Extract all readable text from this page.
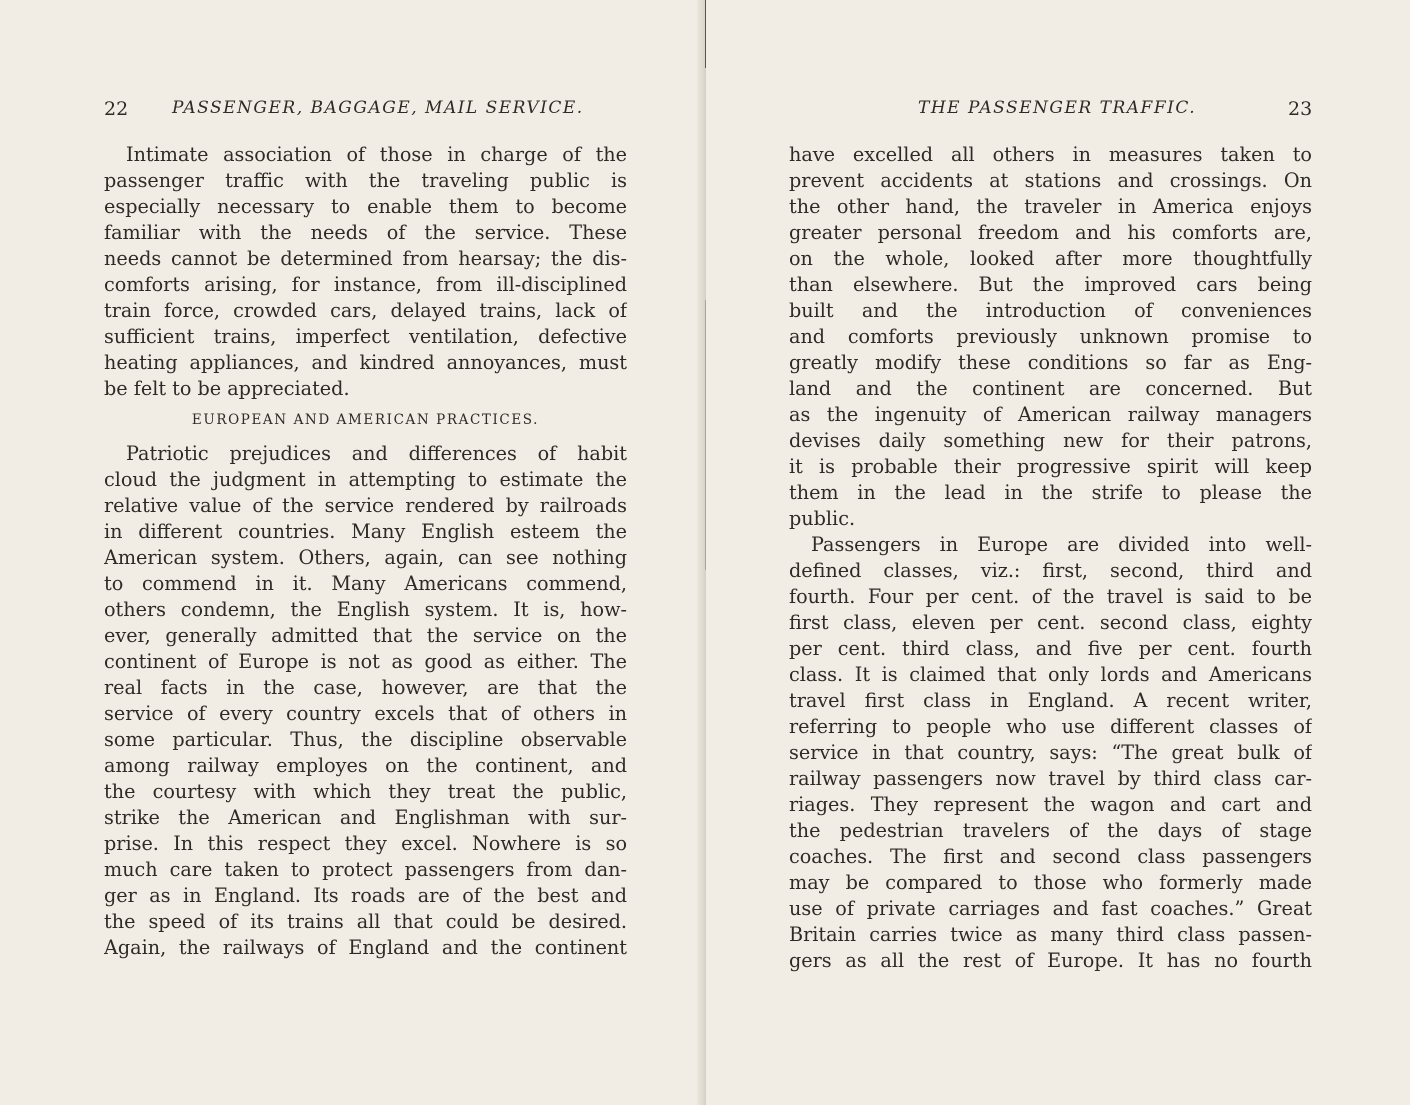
22	PASSENGER, BAGGAGE, MAIL SERVICE.
Intimate association of those in charge of the
passenger traffic with the traveling public is
especially necessary to enable them to become
familiar with the needs of the service. These
needs cannot be determined from hearsay; the dis-
comforts arising, for instance, from ill-disciplined
train force, crowded cars, delayed trains, lack of
sufficient trains, imperfect ventilation, defective
heating appliances, and kindred annoyances, must
be felt to be appreciated.
EUROPEAN AND AMERICAN PRACTICES.
Patriotic prejudices and differences of habit
cloud the judgment in attempting to estimate the
relative value of the service rendered by railroads
in different countries. Many English esteem the
American system. Others, again, can see nothing
to commend in it. Many Americans commend,
others condemn, the English system. It is, how-
ever, generally admitted that the service on the
continent of Europe is not as good as either. The
real facts in the case, however, are that the
service of every country excels that of others in
some particular. Thus, the discipline observable
among railway employes on the continent, and
the courtesy with which they treat the public,
strike the American and Englishman with sur-
prise. In this respect they excel. Nowhere is so
much care taken to protect passengers from dan-
ger as in England. Its roads are of the best and
the speed of its trains all that could be desired.
Again, the railways of England and the continent
THE PASSENGER TRAFFIC.	23
have excelled all others in measures taken to
prevent accidents at stations and crossings. On
the other hand, the traveler in America enjoys
greater personal freedom and his comforts are,
on the whole, looked after more thoughtfully
than elsewhere. But the improved cars being
built and the introduction of conveniences
and comforts previously unknown promise to
greatly modify these conditions so far as Eng-
land and the continent are concerned. But
as the ingenuity of American railway managers
devises daily something new for their patrons,
it is probable their progressive spirit will keep
them in the lead in the strife to please the
public.
Passengers in Europe are divided into well-
defined classes, viz.: first, second, third and
fourth. Four per cent. of the travel is said to be
first class, eleven per cent. second class, eighty
per cent. third class, and five per cent. fourth
class. It is claimed that only lords and Americans
travel first class in England. A recent writer,
referring to people who use different classes of
service in that country, says: “The great bulk of
railway passengers now travel by third class car-
riages. They represent the wagon and cart and
the pedestrian travelers of the days of stage
coaches. The first and second class passengers
may be compared to those who formerly made
use of private carriages and fast coaches.” Great
Britain carries twice as many third class passen-
gers as all the rest of Europe. It has no fourth
